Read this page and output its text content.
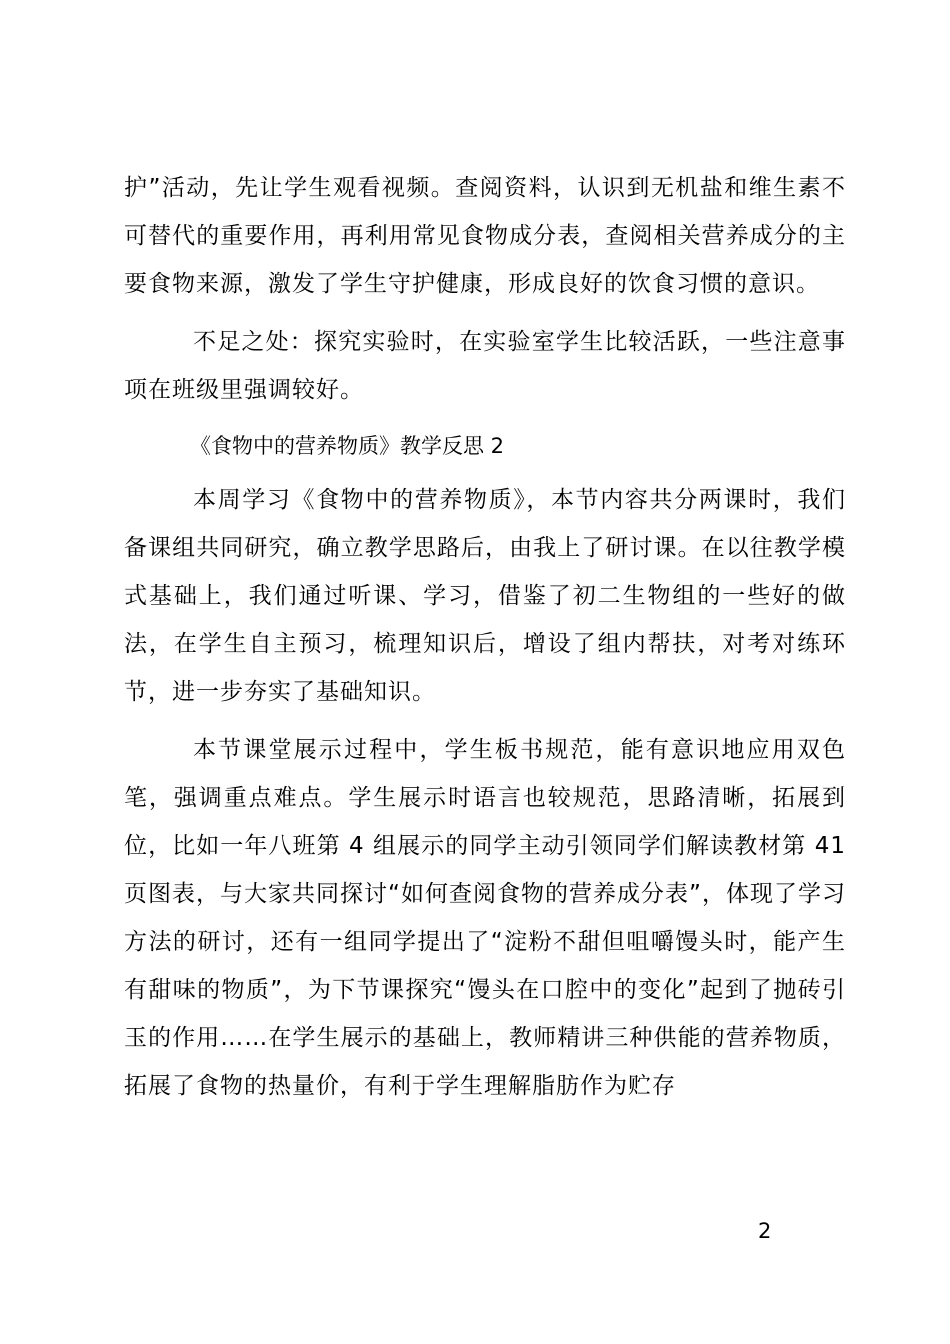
护”活动，先让学生观看视频。查阅资料，认识到无机盐和维生素不可替代的重要作用，再利用常见食物成分表，查阅相关营养成分的主要食物来源，激发了学生守护健康，形成良好的饮食习惯的意识。

不足之处：探究实验时，在实验室学生比较活跃，一些注意事项在班级里强调较好。

《食物中的营养物质》教学反思 2

本周学习《食物中的营养物质》，本节内容共分两课时，我们备课组共同研究，确立教学思路后，由我上了研讨课。在以往教学模式基础上，我们通过听课、学习，借鉴了初二生物组的一些好的做法，在学生自主预习，梳理知识后，增设了组内帮扶，对考对练环节，进一步夯实了基础知识。

本节课堂展示过程中，学生板书规范，能有意识地应用双色笔，强调重点难点。学生展示时语言也较规范，思路清晰，拓展到位，比如一年八班第 4 组展示的同学主动引领同学们解读教材第 41 页图表，与大家共同探讨“如何查阅食物的营养成分表”，体现了学习方法的研讨，还有一组同学提出了“淀粉不甜但咀嚼馒头时，能产生有甜味的物质”，为下节课探究“馒头在口腔中的变化”起到了抛砖引玉的作用……在学生展示的基础上，教师精讲三种供能的营养物质，拓展了食物的热量价，有利于学生理解脂肪作为贮存

2
